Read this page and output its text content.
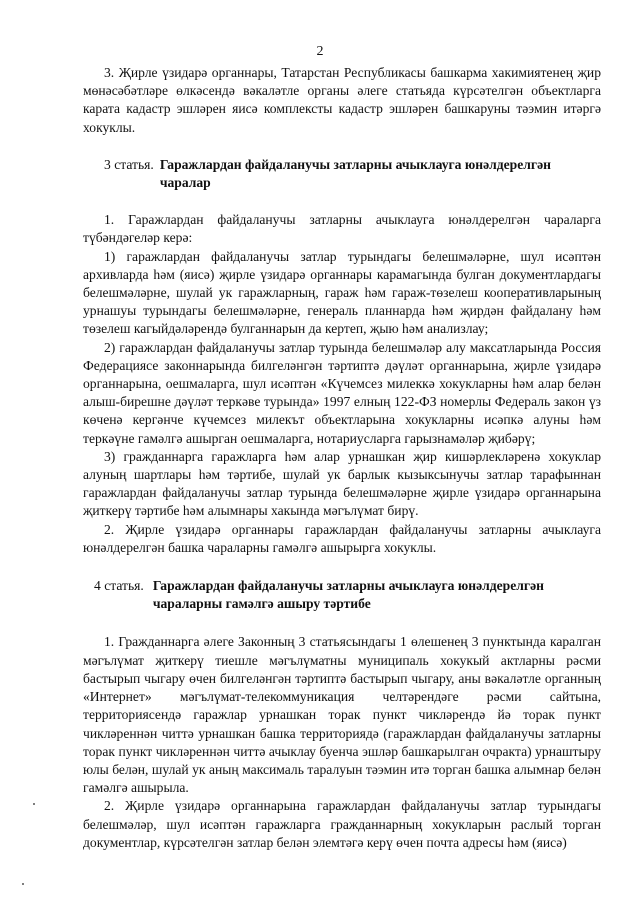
2

3. Җирле үзидарә органнары, Татарстан Республикасы башкарма хакимиятенең җир мөнәсәбәтләре өлкәсендә вәкаләтле органы әлеге статьяда күрсәтелгән объектларга карата кадастр эшләрен яисә комплексты кадастр эшләрен башкаруны тәэмин итәргә хокуклы.

3 статья. Гаражлардан файдаланучы затларны ачыклауга юнәлдерелгән чаралар

1. Гаражлардан файдаланучы затларны ачыклауга юнәлдерелгән чараларга түбәндәгеләр керә:

1) гаражлардан файдаланучы затлар турындагы белешмәләрне, шул исәптән архивларда һәм (яисә) җирле үзидарә органнары карамагында булган документлардагы белешмәләрне, шулай ук гаражларның, гараж һәм гараж-төзелеш кооперативларының урнашуы турындагы белешмәләрне, генераль планнарда һәм җирдән файдалану һәм төзелеш кагыйдәләрендә булганнарын да кертеп, җыю һәм анализлау;

2) гаражлардан файдаланучы затлар турында белешмәләр алу максатларында Россия Федерациясе законнарында билгеләнгән тәртиптә дәүләт органнарына, җирле үзидарә органнарына, оешмаларга, шул исәптән «Күчемсез милеккә хокукларны һәм алар белән алыш-бирешне дәүләт теркәве турында» 1997 елның 122-ФЗ номерлы Федераль закон үз көченә кергәнче күчемсез милекът объектларына хокукларны исәпкә алуны һәм теркәүне гамәлгә ашырган оешмаларга, нотариусларга гарызнамәләр җибәрү;

3) гражданнарга гаражларга һәм алар урнашкан җир кишәрлекләренә хокуклар алуның шартлары һәм тәртибе, шулай ук барлык кызыксынучы затлар тарафыннан гаражлардан файдаланучы затлар турында белешмәләрне җирле үзидарә органнарына җиткерү тәртибе һәм алымнары хакында мәгълүмат бирү.

2. Җирле үзидарә органнары гаражлардан файдаланучы затларны ачыклауга юнәлдерелгән башка чараларны гамәлгә ашырырга хокуклы.

4 статья. Гаражлардан файдаланучы затларны ачыклауга юнәлдерелгән чараларны гамәлгә ашыру тәртибе

1. Гражданнарга әлеге Законның 3 статьясындагы 1 өлешенең 3 пунктында каралган мәгълүмат җиткерү тиешле мәгълүматны муниципаль хокукый актларны рәсми бастырып чыгару өчен билгеләнгән тәртиптә бастырып чыгару, аны вәкаләтле органның «Интернет» мәгълүмат-телекоммуникация челтәрендәге рәсми сайтына, территориясендә гаражлар урнашкан торак пункт чикләрендә йә торак пункт чикләреннән читтә урнашкан башка территориядә (гаражлардан файдаланучы затларны торак пункт чикләреннән читтә ачыклау буенча эшләр башкарылган очракта) урнаштыру юлы белән, шулай ук аның максималь таралуын тәэмин итә торган башка алымнар белән гамәлгә ашырыла.

2. Җирле үзидарә органнарына гаражлардан файдаланучы затлар турындагы белешмәләр, шул исәптән гаражларга гражданнарның хокукларын раслый торган документлар, күрсәтелгән затлар белән элемтәгә керү өчен почта адресы һәм (яисә)
